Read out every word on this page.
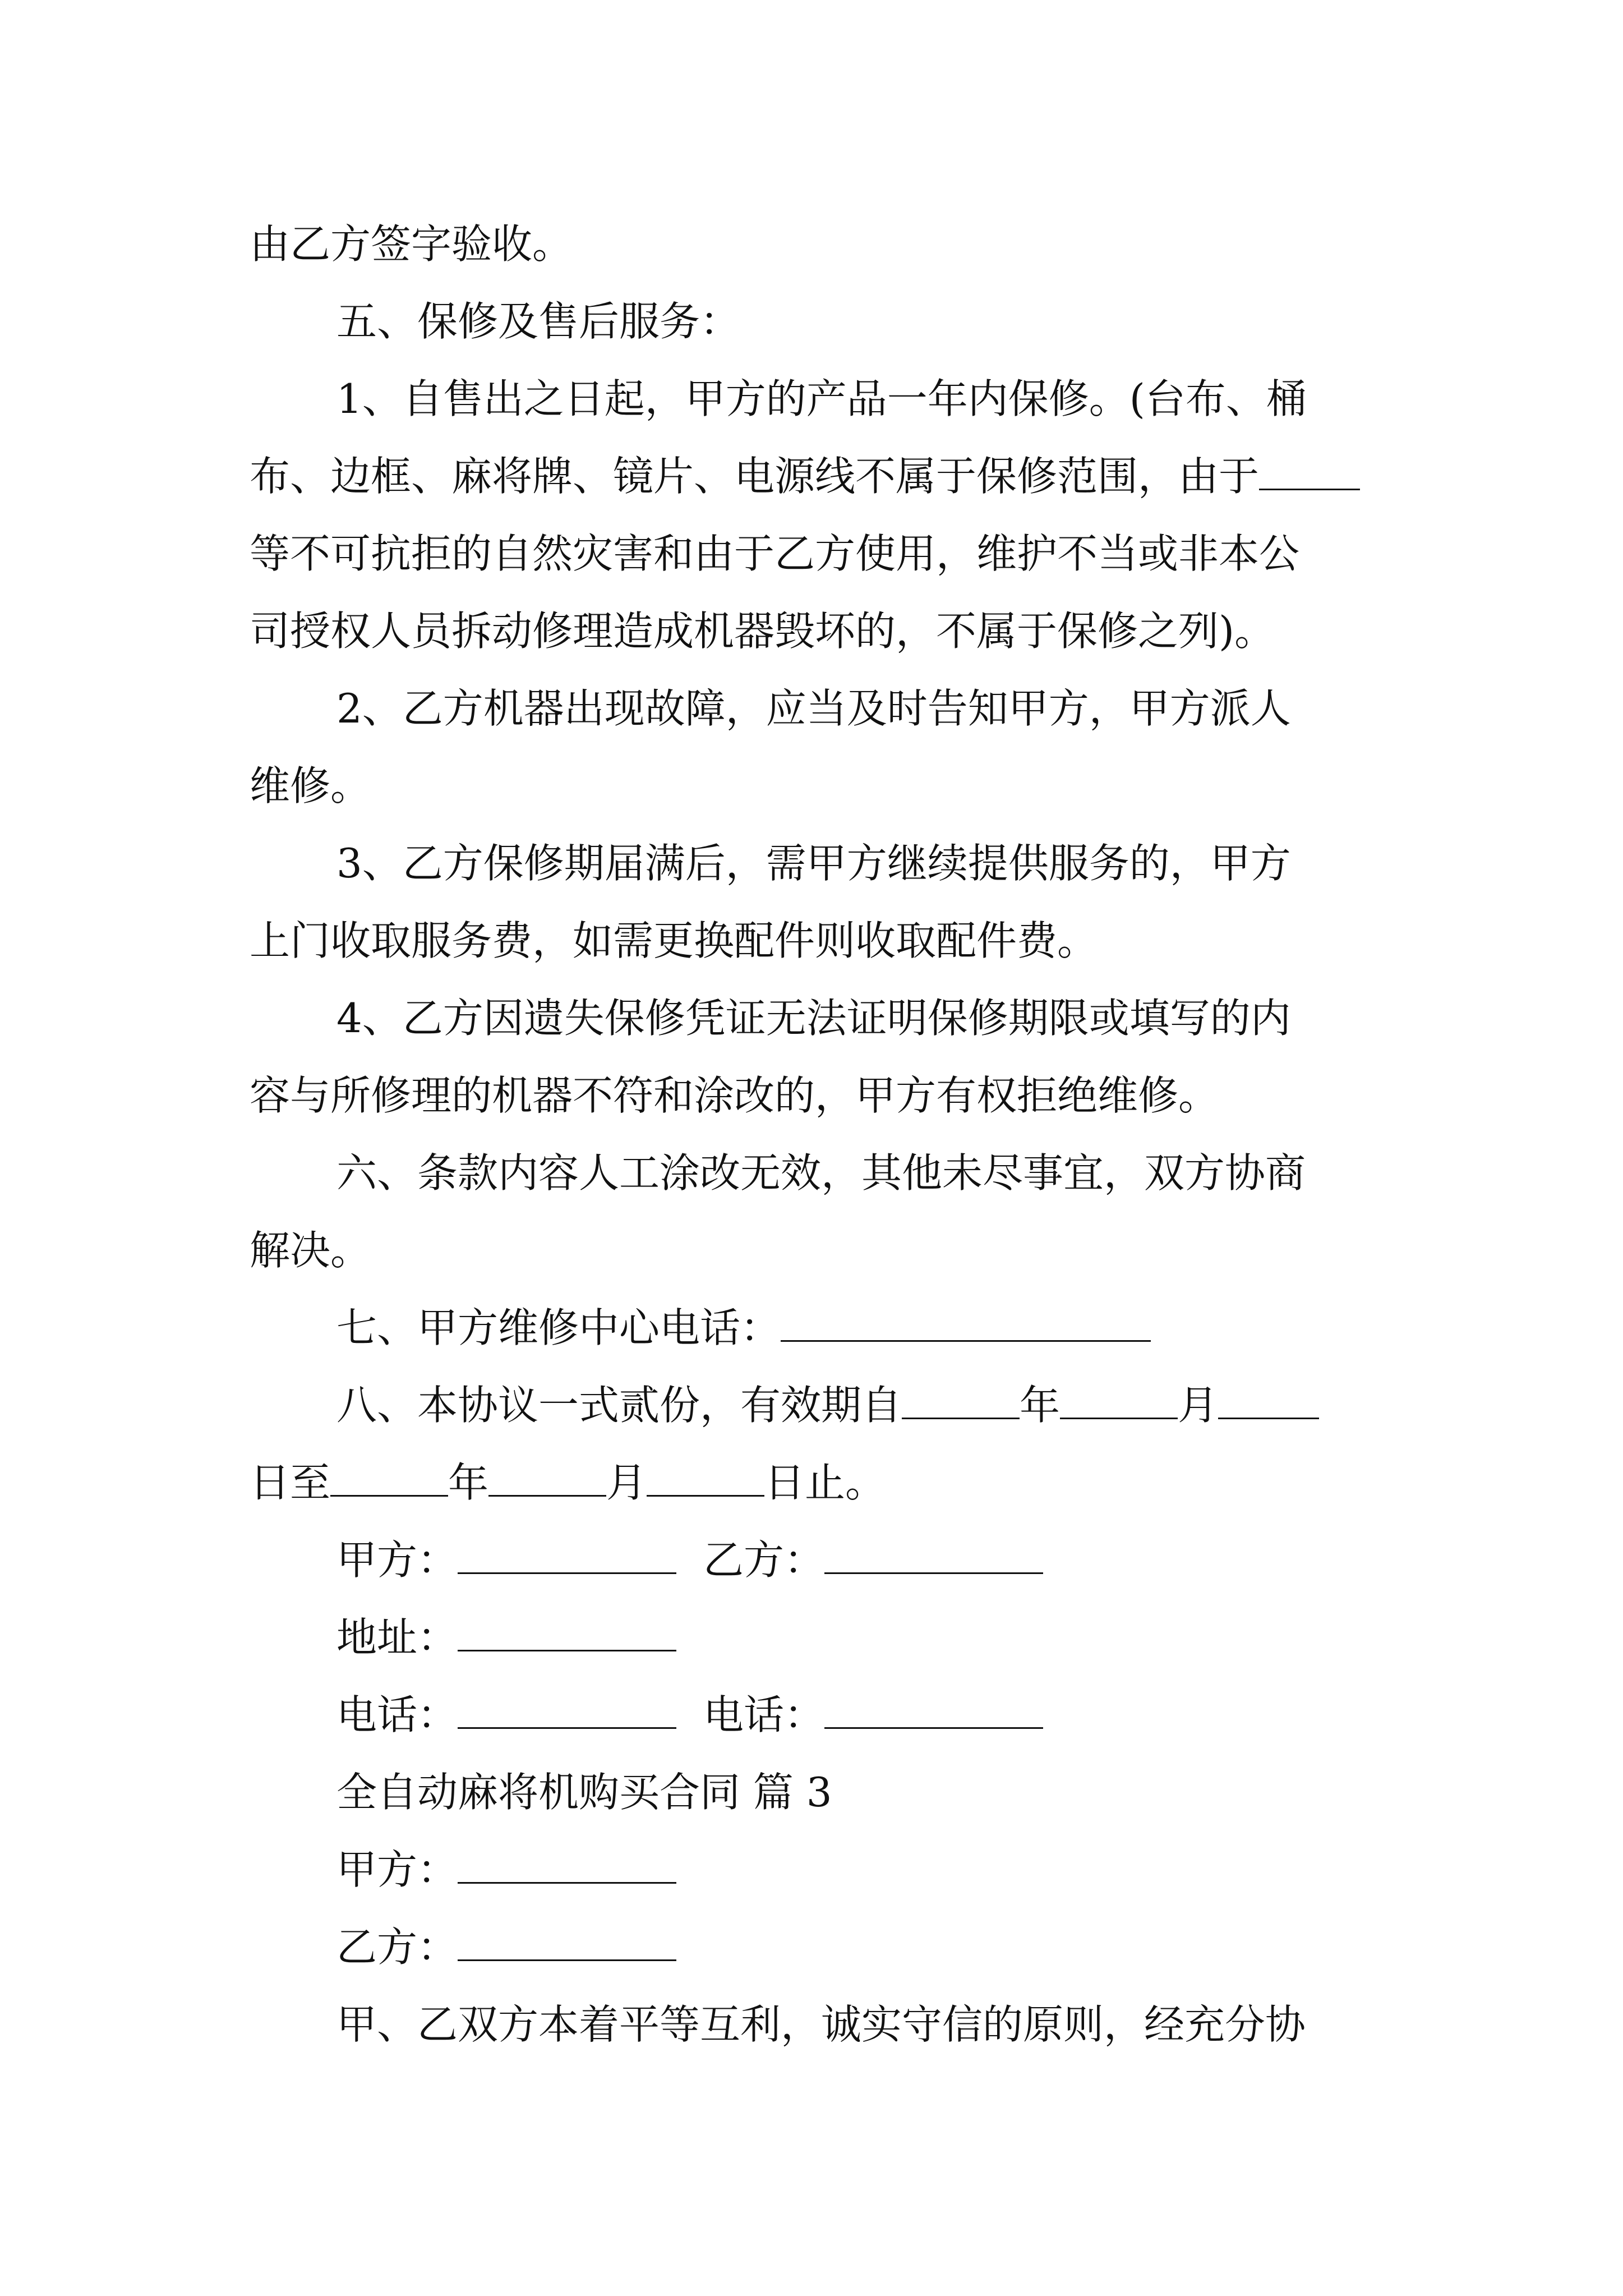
由乙方签字验收。
五、保修及售后服务：
1、自售出之日起，甲方的产品一年内保修。(台布、桶
布、边框、麻将牌、镜片、电源线不属于保修范围，由于
等不可抗拒的自然灾害和由于乙方使用，维护不当或非本公
司授权人员拆动修理造成机器毁坏的，不属于保修之列)。
2、乙方机器出现故障，应当及时告知甲方，甲方派人
维修。
3、乙方保修期届满后，需甲方继续提供服务的，甲方
上门收取服务费，如需更换配件则收取配件费。
4、乙方因遗失保修凭证无法证明保修期限或填写的内
容与所修理的机器不符和涂改的，甲方有权拒绝维修。
六、条款内容人工涂改无效，其他未尽事宜，双方协商
解决。
七、甲方维修中心电话：
八、本协议一式贰份，有效期自	年	月
日至	年	月	日止。
甲方：	乙方：
地址：
电话：	电话：
全自动麻将机购买合同 篇 3
甲方：
乙方：
甲、乙双方本着平等互利，诚实守信的原则，经充分协
